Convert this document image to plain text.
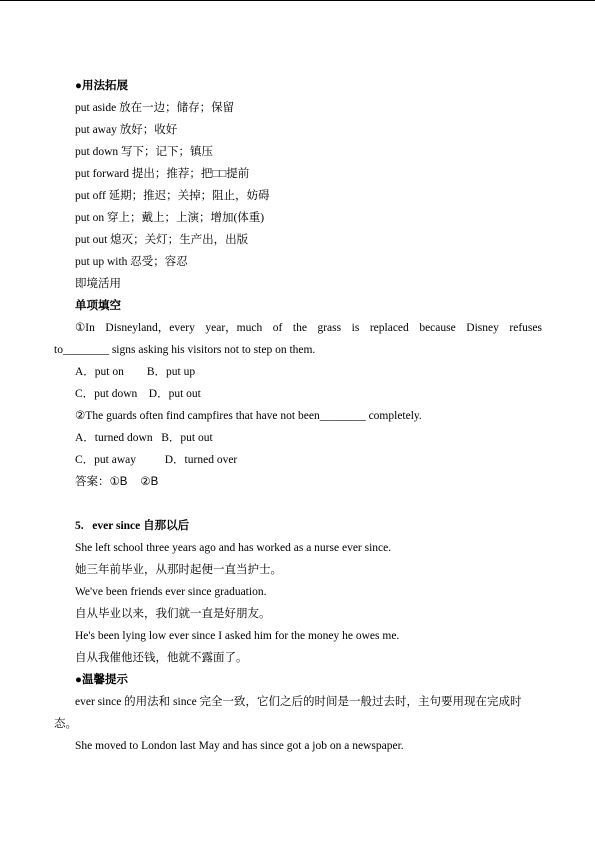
●用法拓展
put aside 放在一边；储存；保留
put away 放好；收好
put down 写下；记下；镇压
put forward 提出；推荐；把□□提前
put off 延期；推迟；关掉；阻止，妨碍
put on 穿上；戴上；上演；增加(体重)
put out 熄灭；关灯；生产出，出版
put up with 忍受；容忍
即境活用
单项填空
①In Disneyland，every year，much of the grass is replaced because Disney refuses
to________ signs asking his visitors not to step on them.
A．put on        B．put up
C．put down    D．put out
②The guards often find campfires that have not been________ completely.
A．turned down   B．put out
C．put away          D．turned over
答案：①B    ②B
5.   ever since 自那以后
She left school three years ago and has worked as a nurse ever since.
她三年前毕业，从那时起便一直当护士。
We've been friends ever since graduation.
自从毕业以来，我们就一直是好朋友。
He's been lying low ever since I asked him for the money he owes me.
自从我催他还钱，他就不露面了。
●温馨提示
ever since 的用法和 since 完全一致，它们之后的时间是一般过去时，主句要用现在完成时
态。
She moved to London last May and has since got a job on a newspaper.
